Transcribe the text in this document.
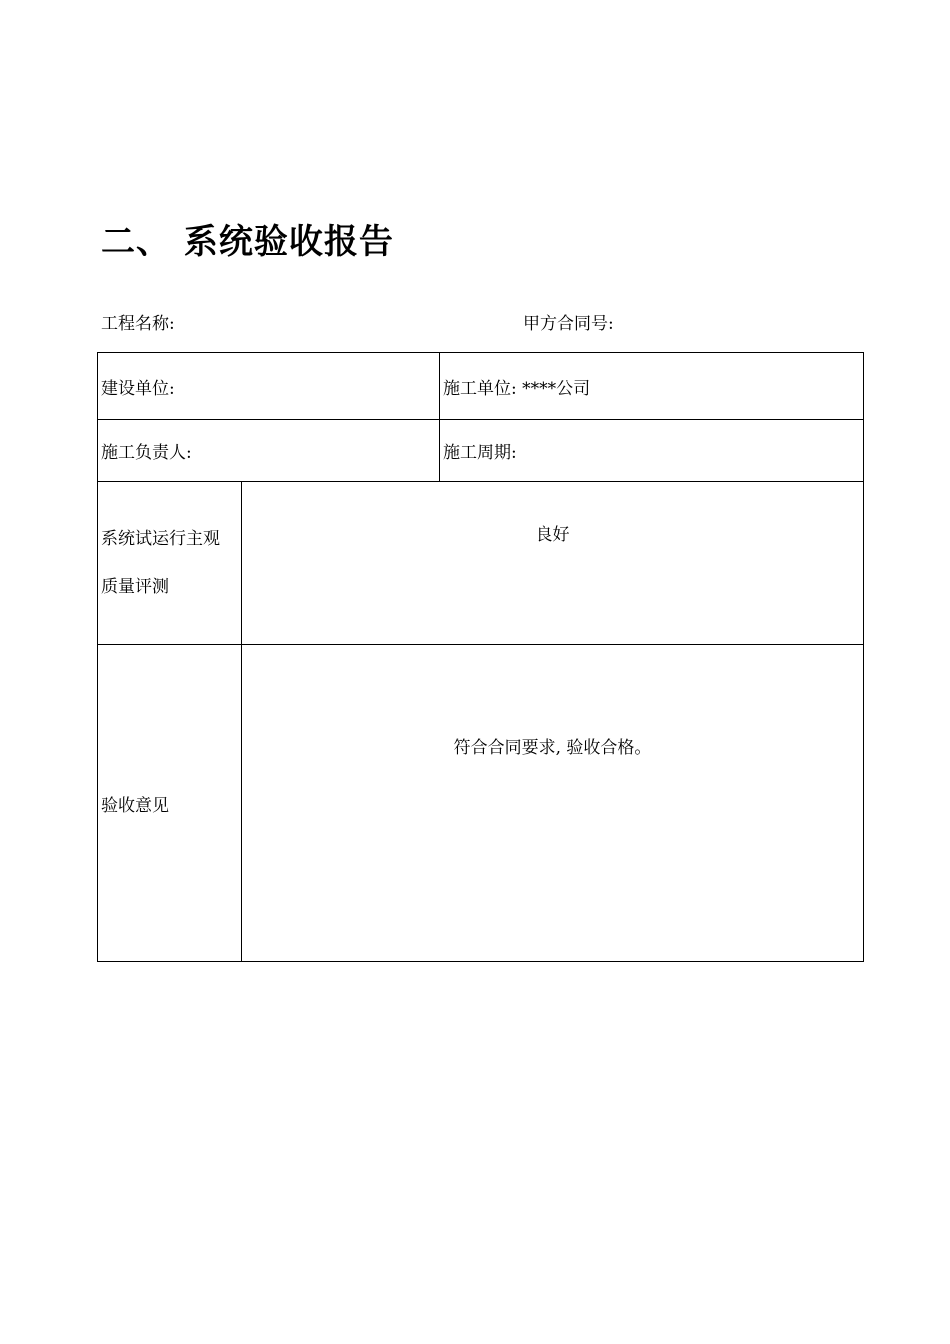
二、 系统验收报告
工程名称:	甲方合同号:
建设单位:		施工单位: ****公司
施工负责人:		施工周期:

系统试运行主观
质量评测	良好	
验收意见	符合合同要求, 验收合格。	
